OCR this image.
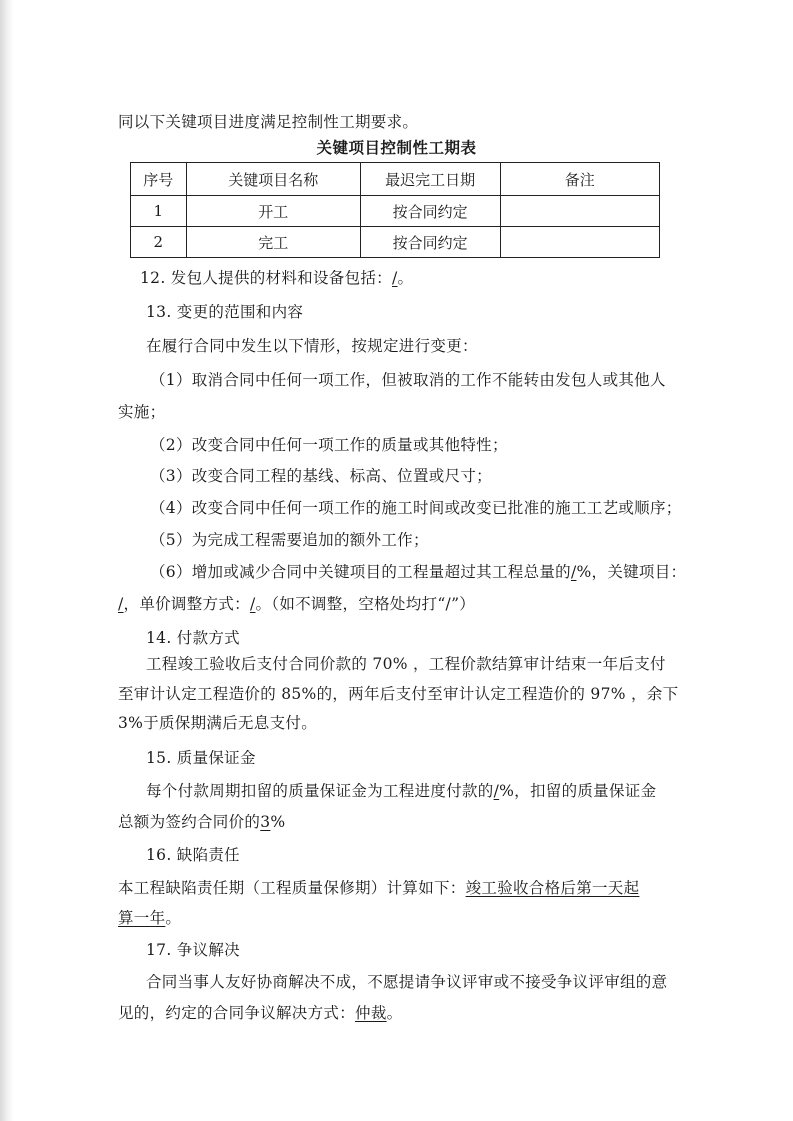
同以下关键项目进度满足控制性工期要求。
关键项目控制性工期表
序号	关键项目名称	最迟完工日期	备注
1	开工	按合同约定	
2	完工	按合同约定	
12. 发包人提供的材料和设备包括：/。
13. 变更的范围和内容
在履行合同中发生以下情形，按规定进行变更：
（1）取消合同中任何一项工作，但被取消的工作不能转由发包人或其他人
实施；
（2）改变合同中任何一项工作的质量或其他特性；
（3）改变合同工程的基线、标高、位置或尺寸；
（4）改变合同中任何一项工作的施工时间或改变已批准的施工工艺或顺序；
（5）为完成工程需要追加的额外工作；
（6）增加或减少合同中关键项目的工程量超过其工程总量的/%，关键项目：
/，单价调整方式：/。（如不调整，空格处均打“/”）
14. 付款方式
工程竣工验收后支付合同价款的 70% ，工程价款结算审计结束一年后支付
至审计认定工程造价的 85%的，两年后支付至审计认定工程造价的 97% ，余下
3%于质保期满后无息支付。
15. 质量保证金
每个付款周期扣留的质量保证金为工程进度付款的/%，扣留的质量保证金
总额为签约合同价的3%
16. 缺陷责任
本工程缺陷责任期（工程质量保修期）计算如下：竣工验收合格后第一天起
算一年。
17. 争议解决
合同当事人友好协商解决不成，不愿提请争议评审或不接受争议评审组的意
见的，约定的合同争议解决方式：仲裁。
